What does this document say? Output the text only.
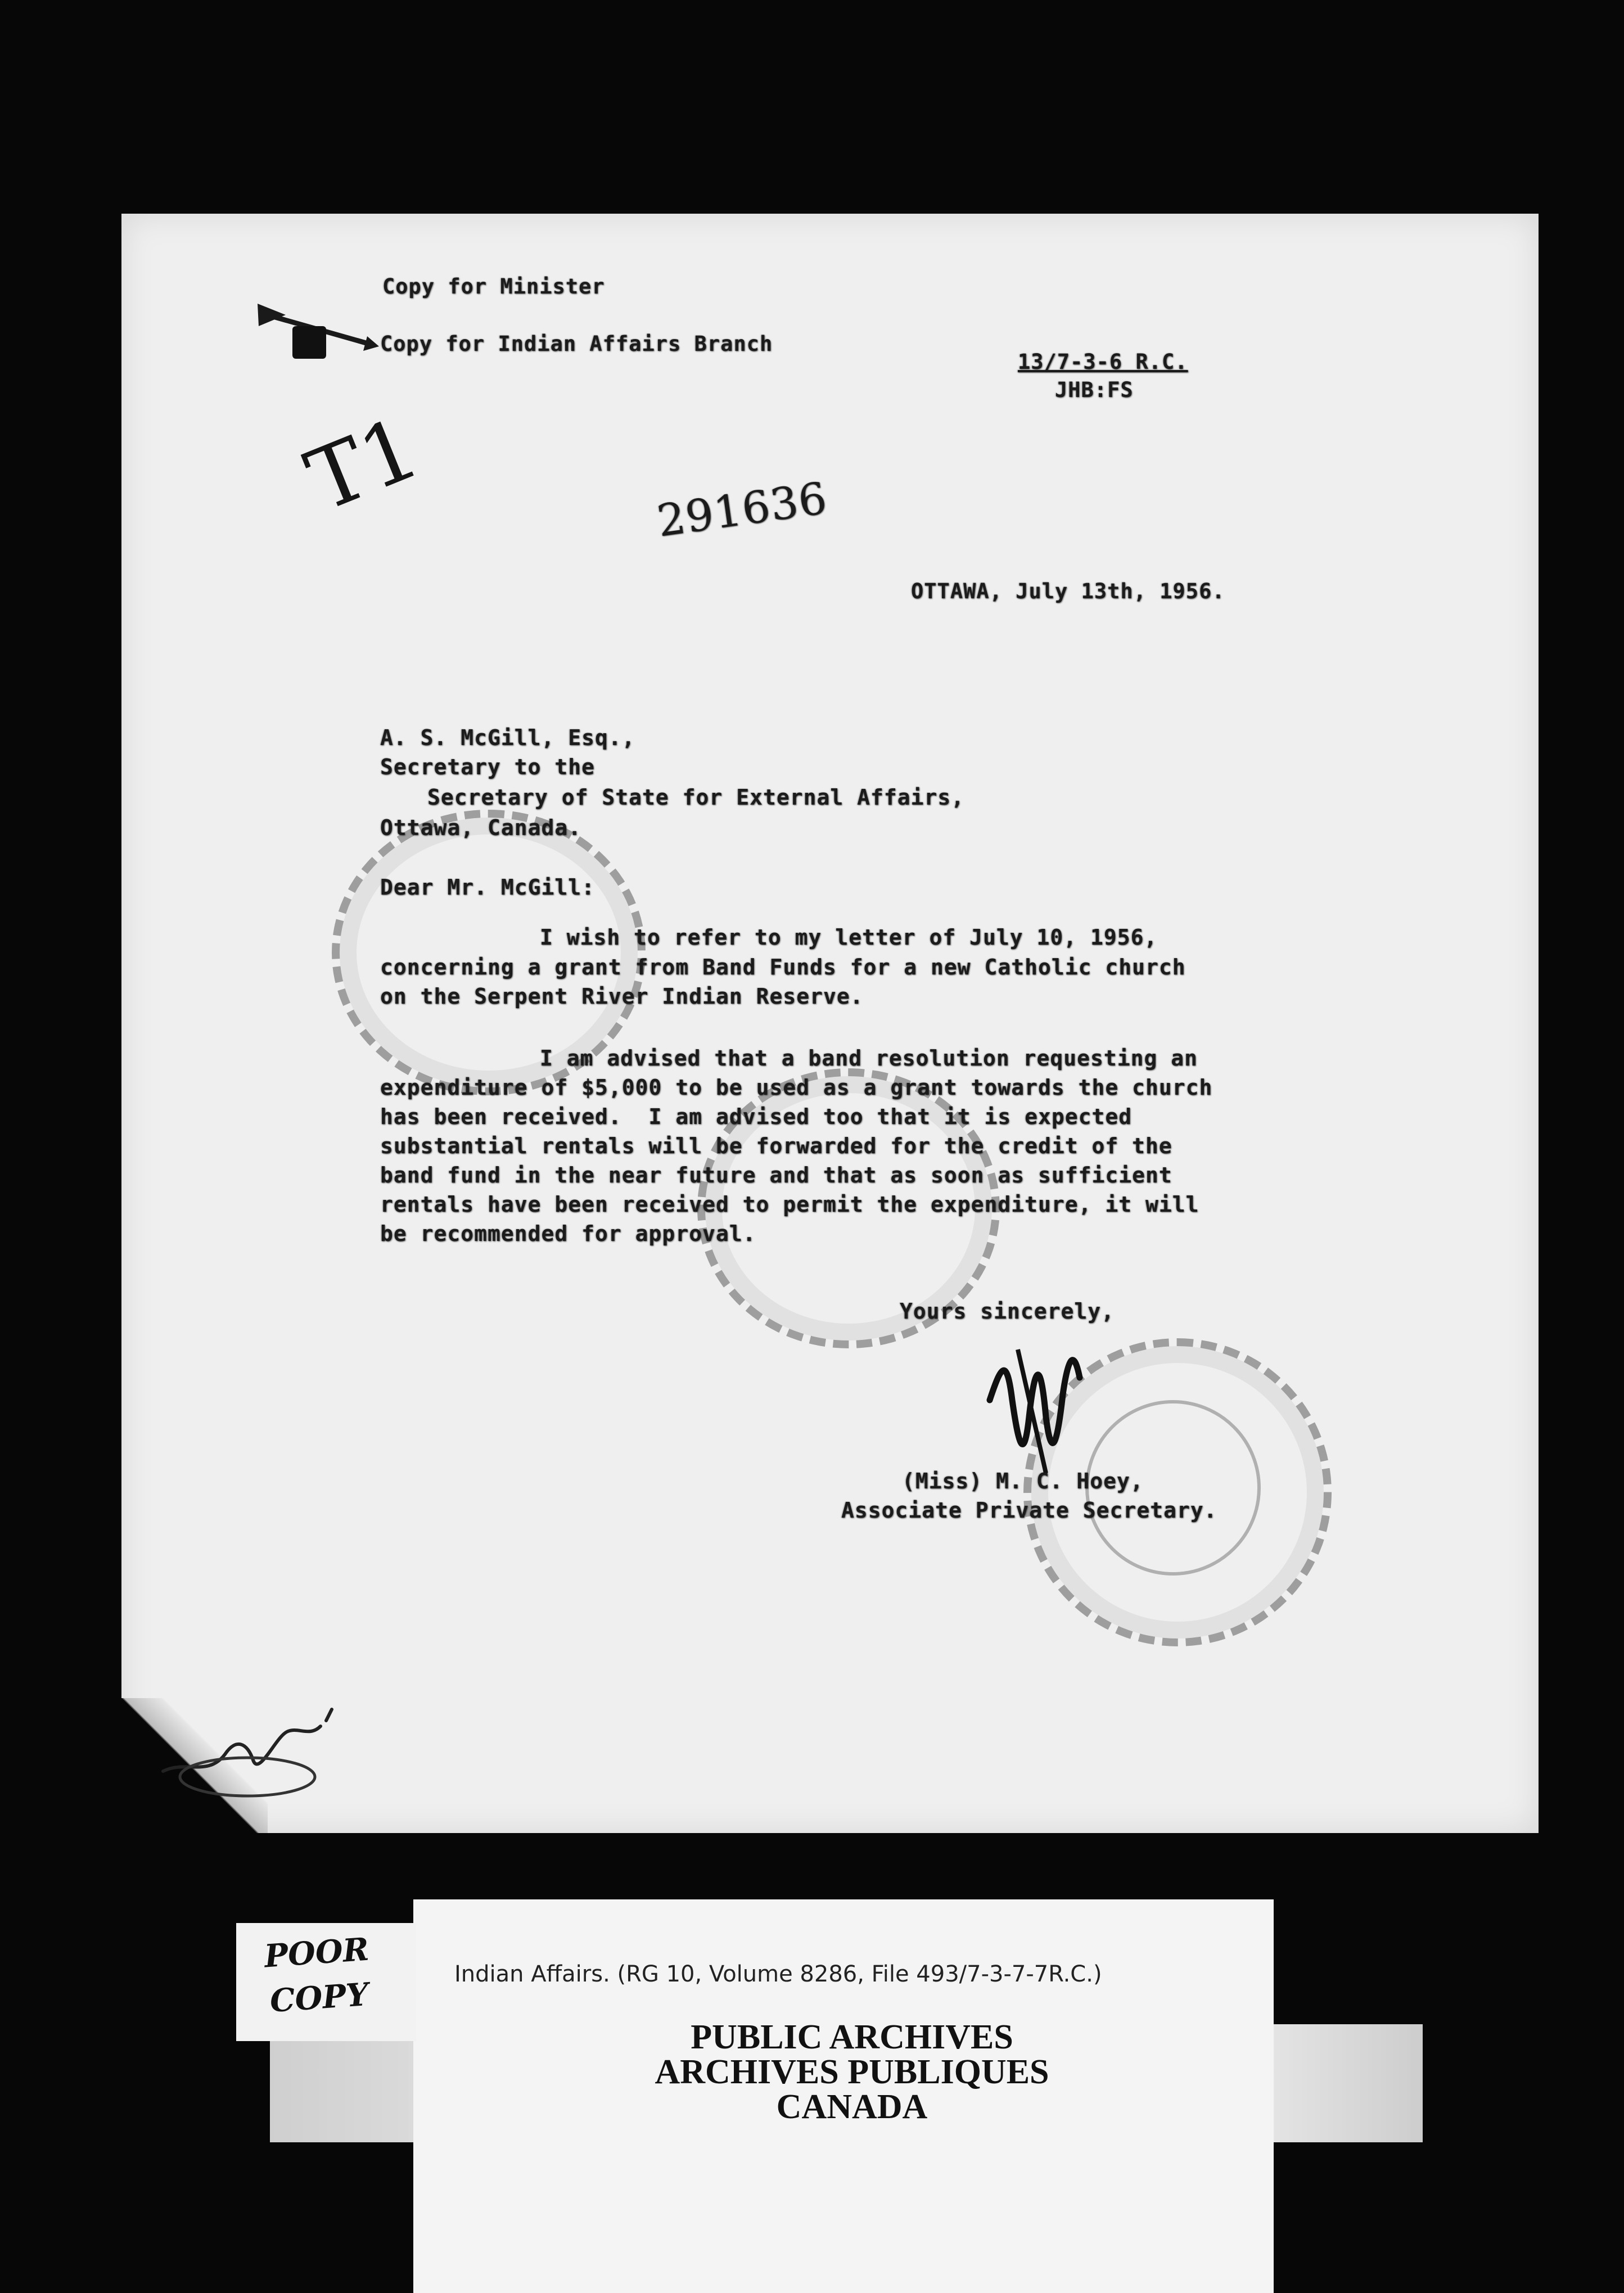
Copy for Minister
Copy for Indian Affairs Branch
13/7-3-6 R.C.
JHB:FS
T1	291636
OTTAWA, July 13th, 1956.
A. S. McGill, Esq.,
Secretary to the
Secretary of State for External Affairs,
Ottawa, Canada.
Dear Mr. McGill:
I wish to refer to my letter of July 10, 1956,
concerning a grant from Band Funds for a new Catholic church
on the Serpent River Indian Reserve.
I am advised that a band resolution requesting an
expenditure of $5,000 to be used as a grant towards the church
has been received.  I am advised too that it is expected
substantial rentals will be forwarded for the credit of the
band fund in the near future and that as soon as sufficient
rentals have been received to permit the expenditure, it will
be recommended for approval.
Yours sincerely,
(Miss) M. C. Hoey,
Associate Private Secretary.
Indian Affairs. (RG 10, Volume 8286, File 493/7-3-7-7R.C.)
PUBLIC ARCHIVES
ARCHIVES PUBLIQUES
CANADA
POOR
COPY
